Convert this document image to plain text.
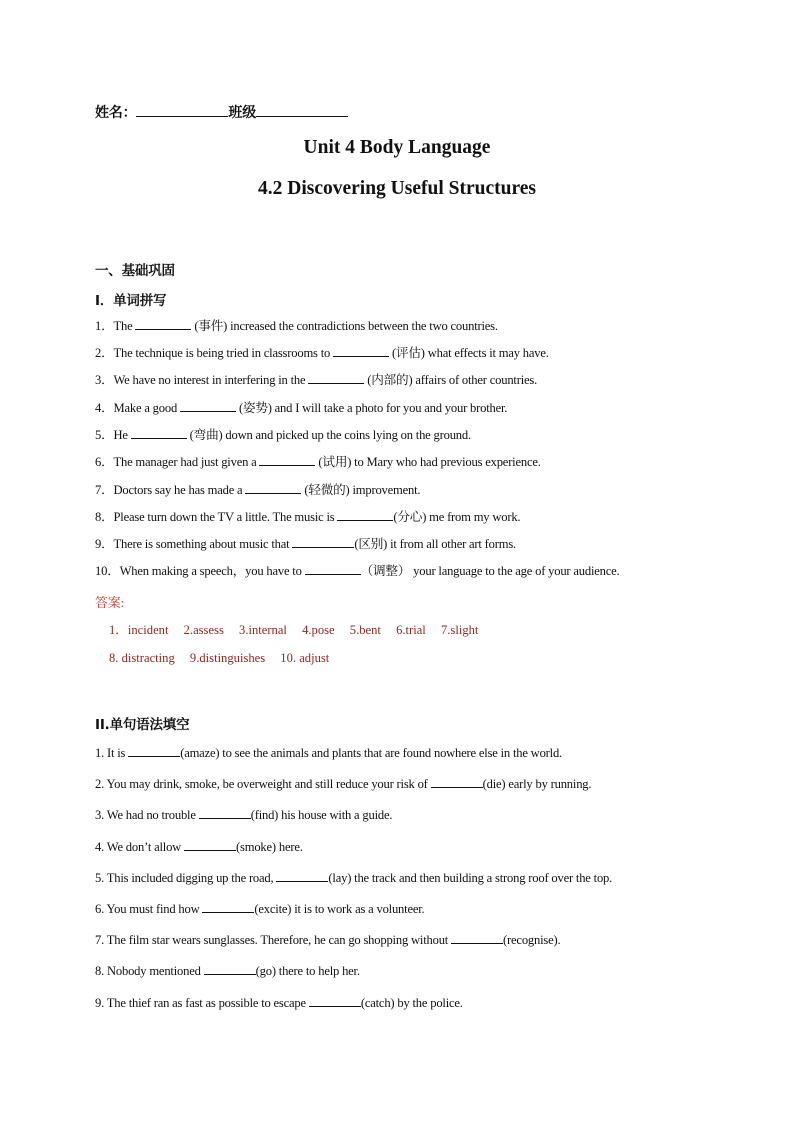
姓名：	班级
Unit 4 Body Language
4.2 Discovering Useful Structures
一、基础巩固
I．单词拼写
1．The	(事件) increased the contradictions between the two countries.
2．The technique is being tried in classrooms to	(评估) what effects it may have.
3．We have no interest in interfering in the	(内部的) affairs of other countries.
4．Make a good	(姿势) and I will take a photo for you and your brother.
5．He	(弯曲) down and picked up the coins lying on the ground.
6．The manager had just given a	(试用) to Mary who had previous experience.
7．Doctors say he has made a	(轻微的) improvement.
8．Please turn down the TV a little. The music is	(分心) me from my work.
9．There is something about music that	(区别) it from all other art forms.
10．When making a speech，you have to	（调整） your language to the age of your audience.
答案:
1．incident 2.assess 3.internal 4.pose 5.bent 6.trial 7.slight
8. distracting 9.distinguishes 10. adjust
II.单句语法填空
1. It is	(amaze) to see the animals and plants that are found nowhere else in the world.
2. You may drink, smoke, be overweight and still reduce your risk of	(die) early by running.
3. We had no trouble	(find) his house with a guide.
4. We don’t allow	(smoke) here.
5. This included digging up the road,	(lay) the track and then building a strong roof over the top.
6. You must find how	(excite) it is to work as a volunteer.
7. The film star wears sunglasses. Therefore, he can go shopping without	(recognise).
8. Nobody mentioned	(go) there to help her.
9. The thief ran as fast as possible to escape	(catch) by the police.
